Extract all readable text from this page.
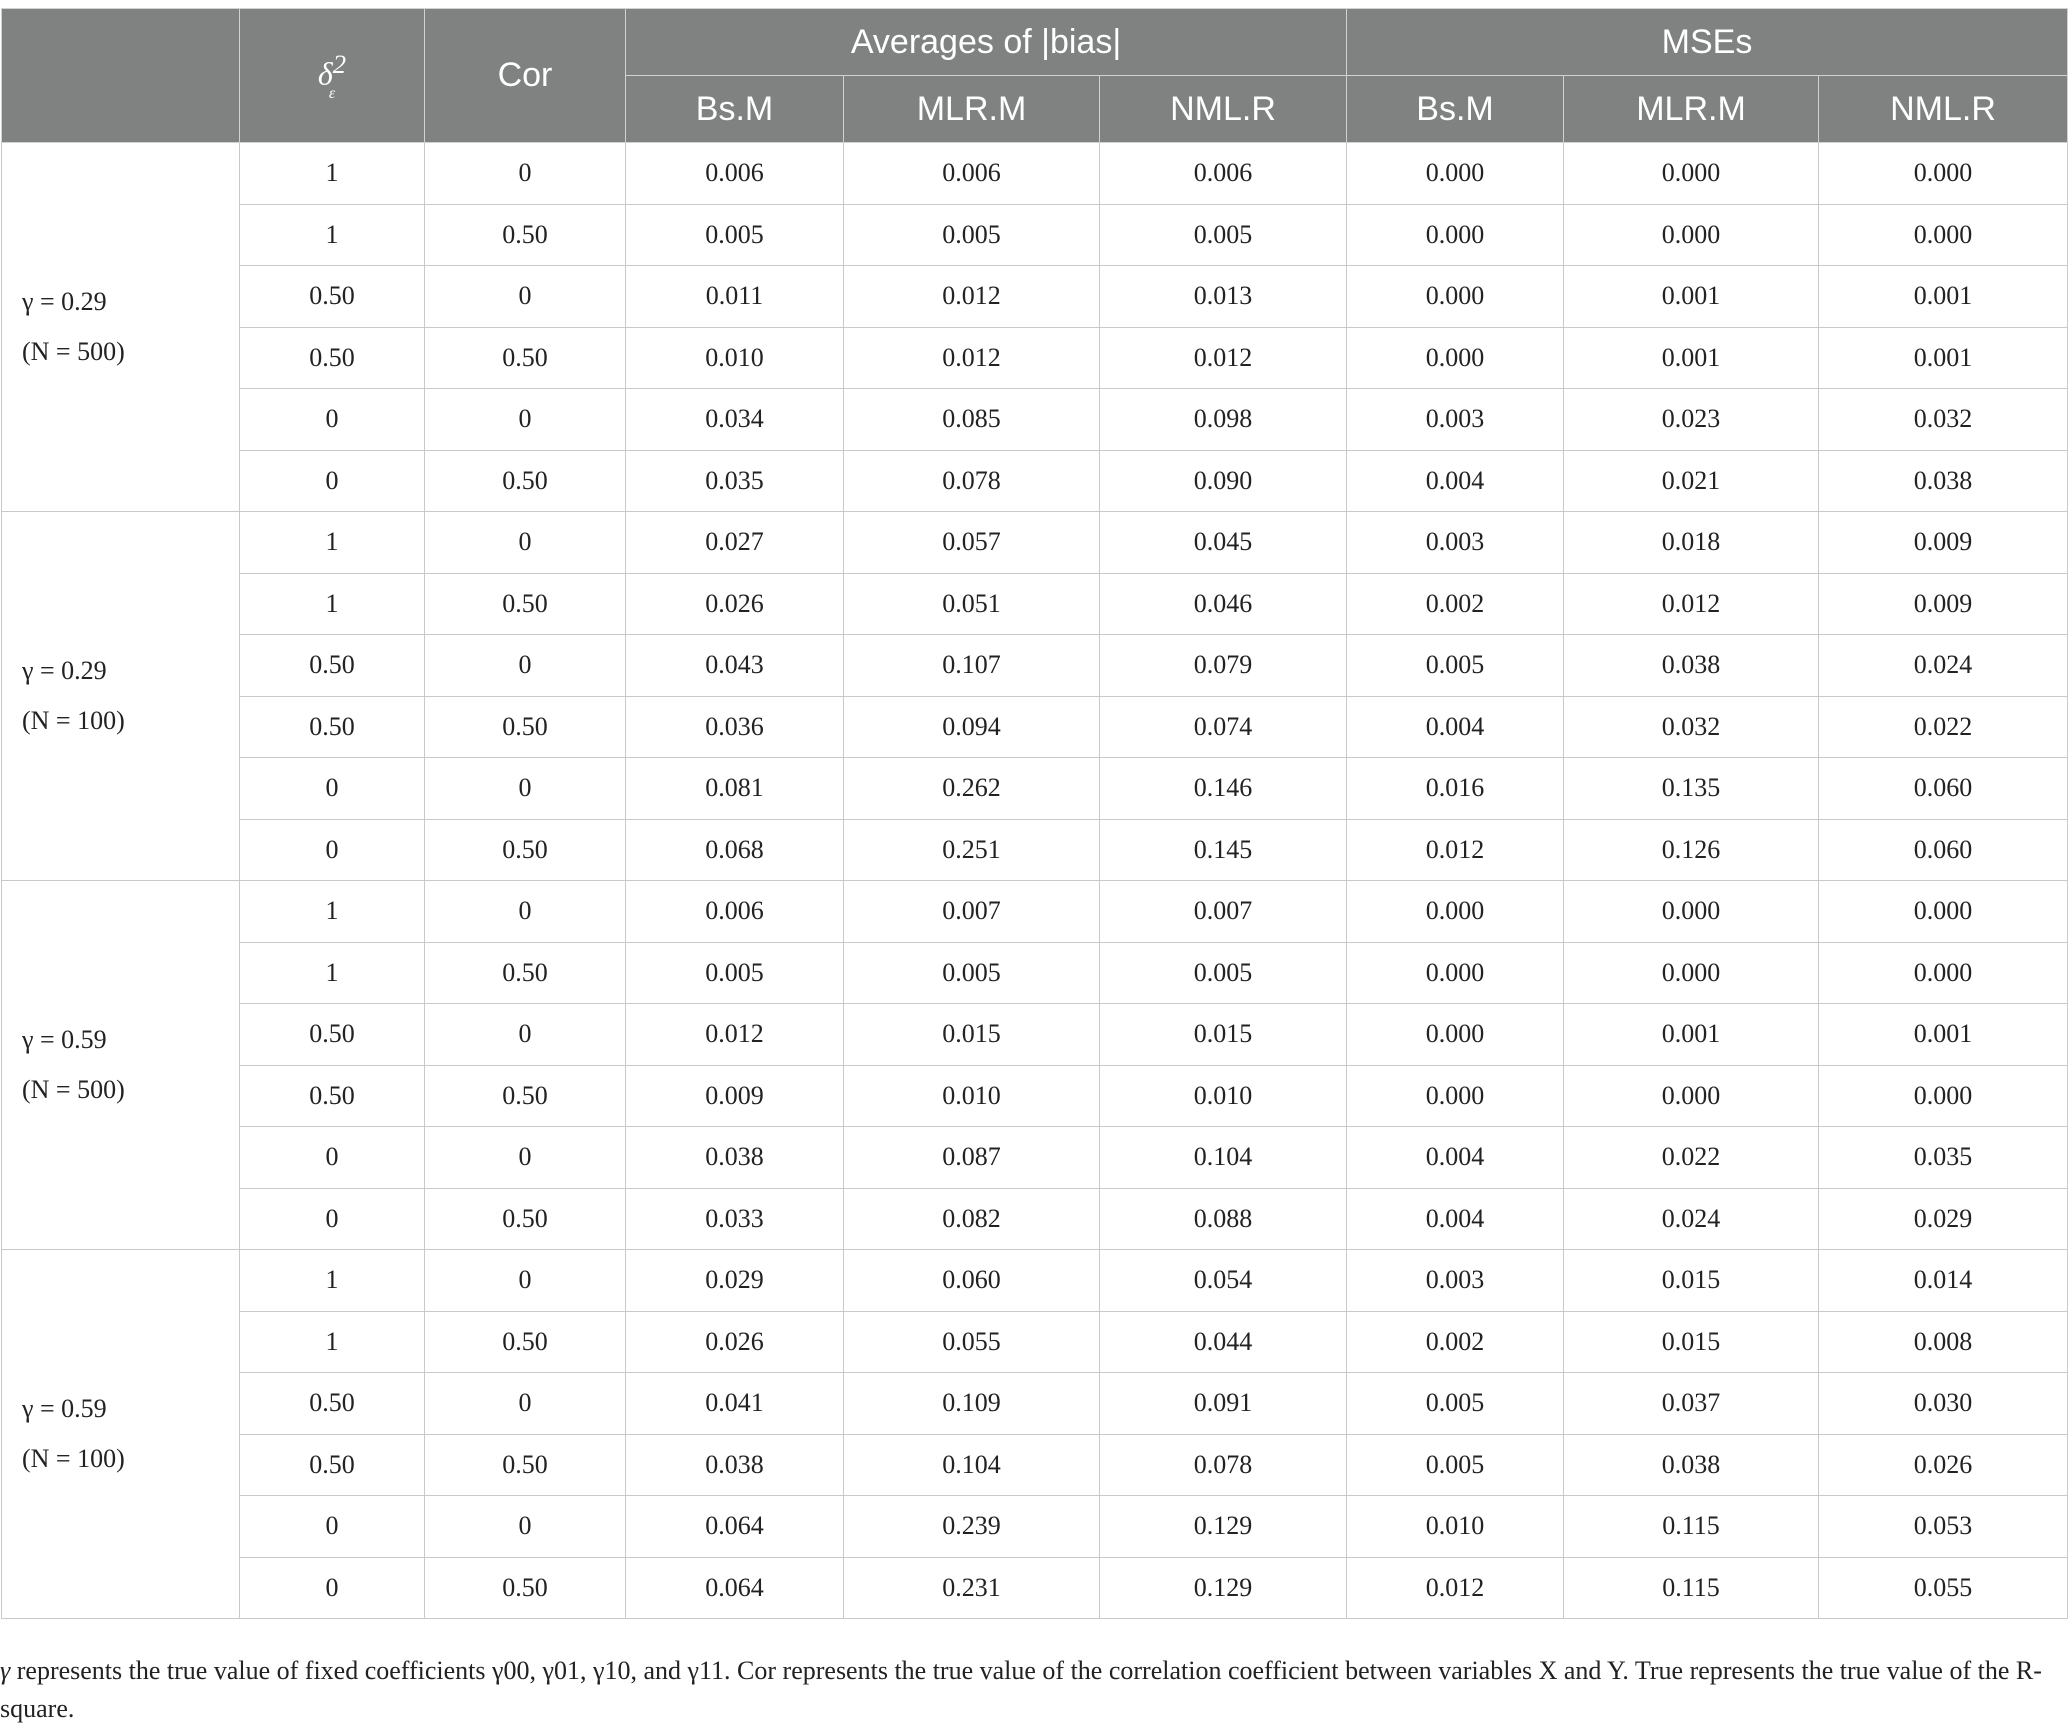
	$\delta^2$
ε	Cor	Averages of |bias|			MSEs		
			Bs.M	MLR.M	NML.R	Bs.M	MLR.M	NML.R

γ = 0.29
(N = 500)	1	0	0.006	0.006	0.006	0.000	0.000	0.000
	1	0.50	0.005	0.005	0.005	0.000	0.000	0.000
	0.50	0	0.011	0.012	0.013	0.000	0.001	0.001
	0.50	0.50	0.010	0.012	0.012	0.000	0.001	0.001
	0	0	0.034	0.085	0.098	0.003	0.023	0.032
	0	0.50	0.035	0.078	0.090	0.004	0.021	0.038

γ = 0.29
(N = 100)	1	0	0.027	0.057	0.045	0.003	0.018	0.009
	1	0.50	0.026	0.051	0.046	0.002	0.012	0.009
	0.50	0	0.043	0.107	0.079	0.005	0.038	0.024
	0.50	0.50	0.036	0.094	0.074	0.004	0.032	0.022
	0	0	0.081	0.262	0.146	0.016	0.135	0.060
	0	0.50	0.068	0.251	0.145	0.012	0.126	0.060

γ = 0.59
(N = 500)	1	0	0.006	0.007	0.007	0.000	0.000	0.000
	1	0.50	0.005	0.005	0.005	0.000	0.000	0.000
	0.50	0	0.012	0.015	0.015	0.000	0.001	0.001
	0.50	0.50	0.009	0.010	0.010	0.000	0.000	0.000
	0	0	0.038	0.087	0.104	0.004	0.022	0.035
	0	0.50	0.033	0.082	0.088	0.004	0.024	0.029

γ = 0.59
(N = 100)	1	0	0.029	0.060	0.054	0.003	0.015	0.014
	1	0.50	0.026	0.055	0.044	0.002	0.015	0.008
	0.50	0	0.041	0.109	0.091	0.005	0.037	0.030
	0.50	0.50	0.038	0.104	0.078	0.005	0.038	0.026
	0	0	0.064	0.239	0.129	0.010	0.115	0.053
	0	0.50	0.064	0.231	0.129	0.012	0.115	0.055
γ represents the true value of fixed coefficients γ00, γ01, γ10, and γ11. Cor represents the true value of the correlation coefficient between variables X and Y. True represents the true value of the R-square.
